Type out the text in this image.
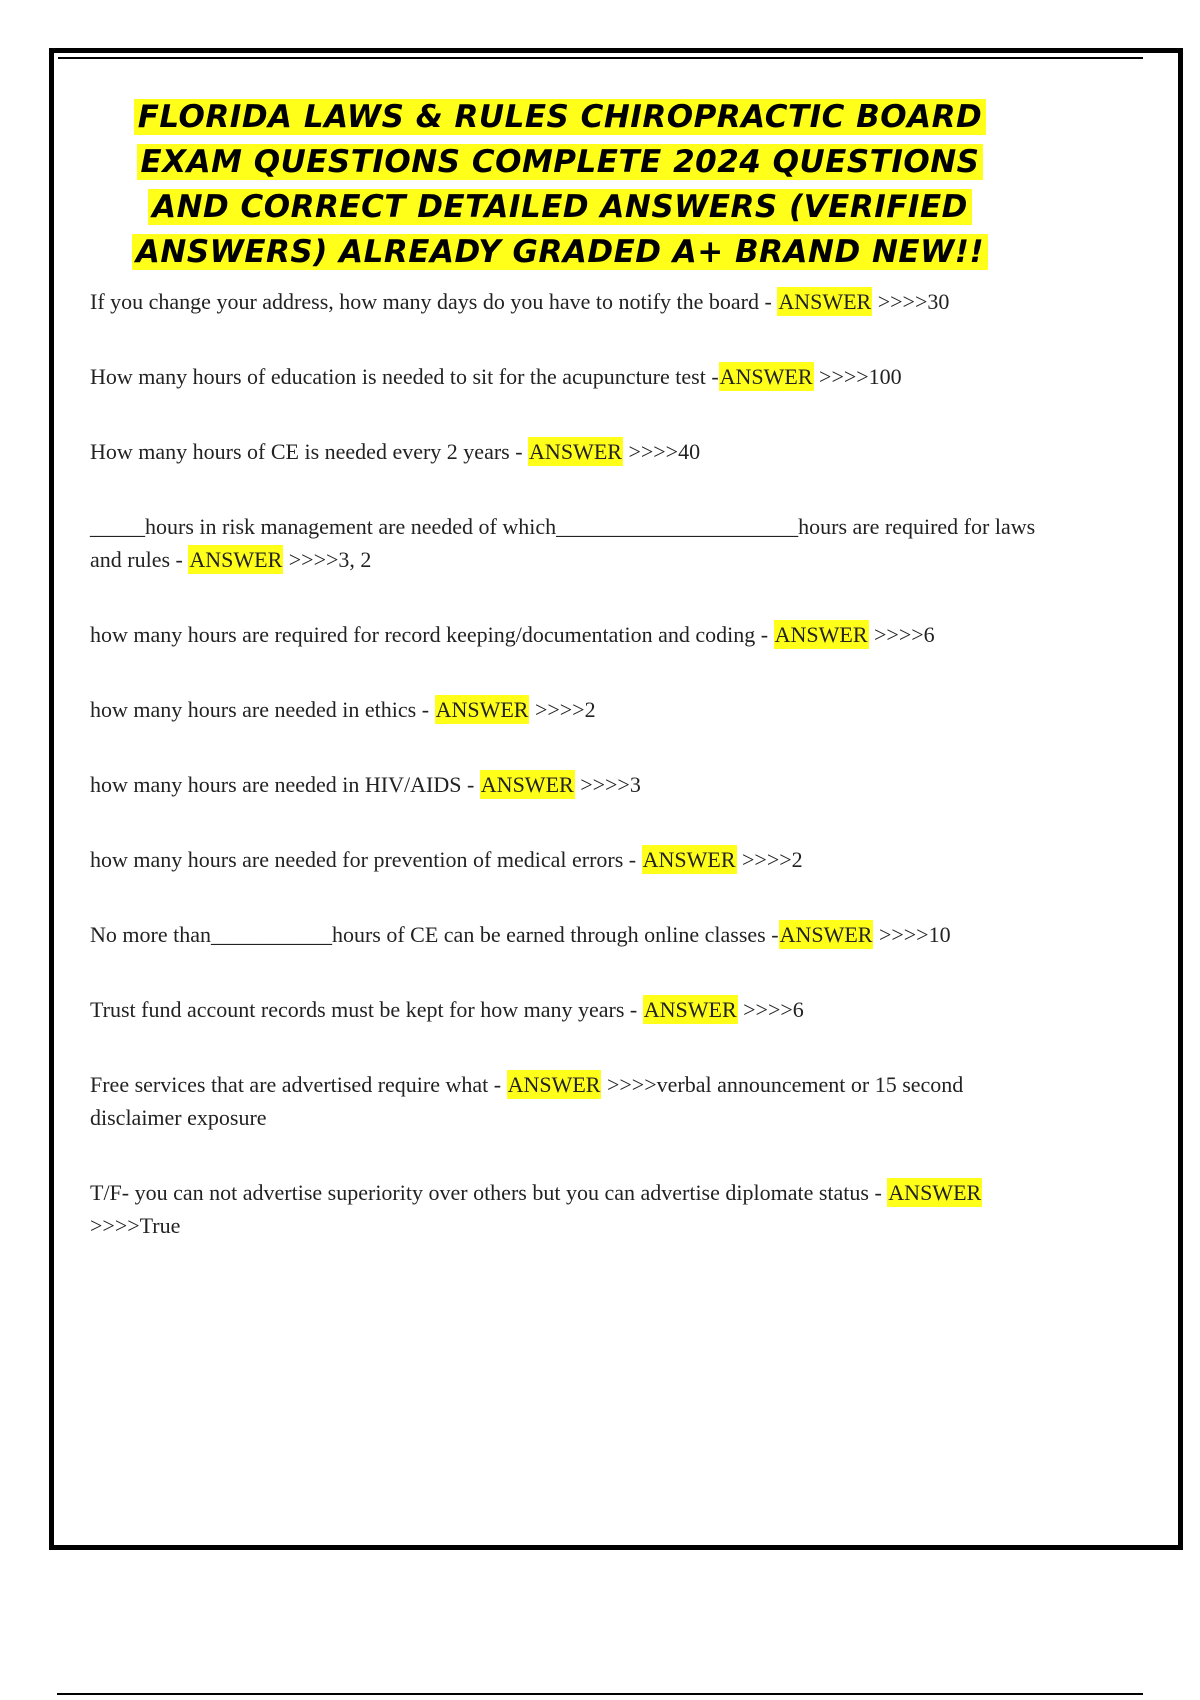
FLORIDA LAWS & RULES CHIROPRACTIC BOARD
EXAM QUESTIONS COMPLETE 2024 QUESTIONS
AND CORRECT DETAILED ANSWERS (VERIFIED
ANSWERS) ALREADY GRADED A+ BRAND NEW!!
If you change your address, how many days do you have to notify the board - ANSWER >>>>30
How many hours of education is needed to sit for the acupuncture test -ANSWER >>>>100
How many hours of CE is needed every 2 years - ANSWER >>>>40
_____hours in risk management are needed of which______________________hours are required for laws and rules - ANSWER >>>>3, 2
how many hours are required for record keeping/documentation and coding - ANSWER >>>>6
how many hours are needed in ethics - ANSWER >>>>2
how many hours are needed in HIV/AIDS - ANSWER >>>>3
how many hours are needed for prevention of medical errors - ANSWER >>>>2
No more than___________hours of CE can be earned through online classes -ANSWER >>>>10
Trust fund account records must be kept for how many years - ANSWER >>>>6
Free services that are advertised require what - ANSWER >>>>verbal announcement or 15 second disclaimer exposure
T/F- you can not advertise superiority over others but you can advertise diplomate status - ANSWER >>>>True
